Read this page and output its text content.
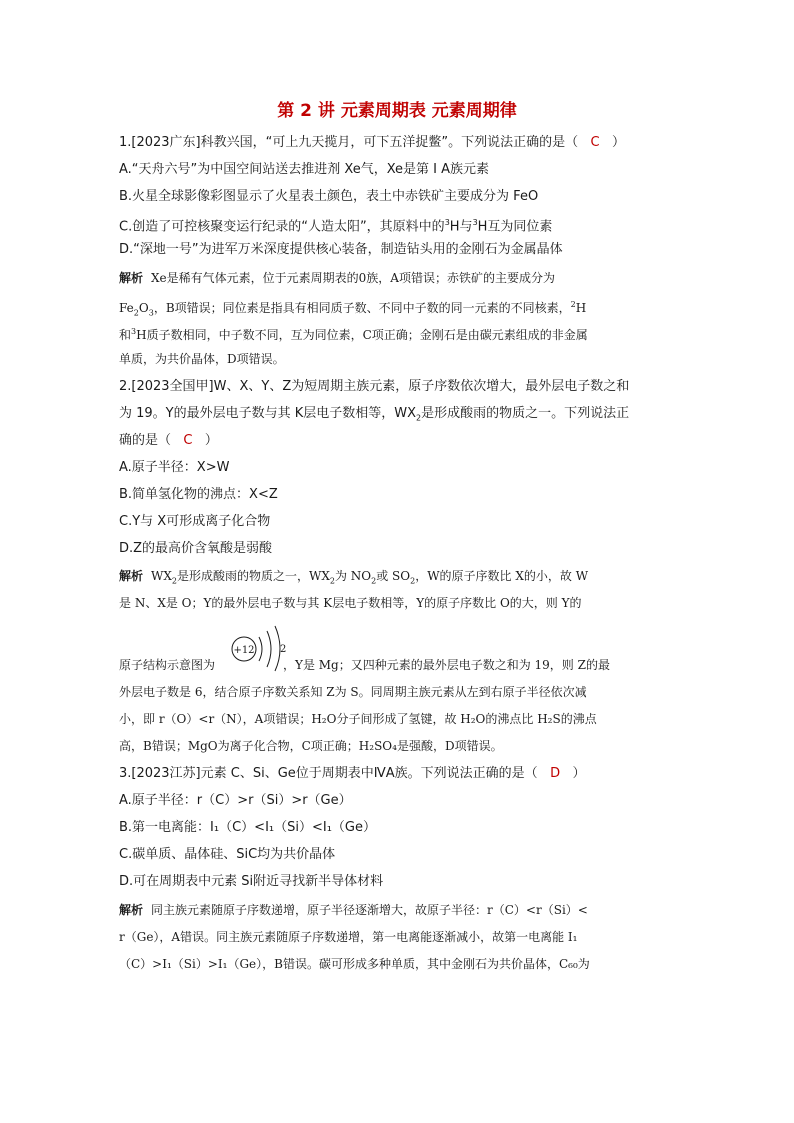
第 2 讲 元素周期表 元素周期律
1.[2023广东]科教兴国，“可上九天揽月，可下五洋捉鳖”。下列说法正确的是（ C ）
A.“天舟六号”为中国空间站送去推进剂 Xe气，Xe是第 I A族元素
B.火星全球影像彩图显示了火星表土颜色，表土中赤铁矿主要成分为 FeO
C.创造了可控核聚变运行纪录的“人造太阳”，其原料中的$^3$H与$^3$H互为同位素
D.“深地一号”为进军万米深度提供核心装备，制造钻头用的金刚石为金属晶体
解析 Xe是稀有气体元素，位于元素周期表的0族，A项错误；赤铁矿的主要成分为
$Fe_2O_3$，B项错误；同位素是指具有相同质子数、不同中子数的同一元素的不同核素，$^2$H
和$^3$H质子数相同，中子数不同，互为同位素，C项正确；金刚石是由碳元素组成的非金属
单质，为共价晶体，D项错误。
2.[2023全国甲]W、X、Y、Z为短周期主族元素，原子序数依次增大，最外层电子数之和
为 19。Y的最外层电子数与其 K层电子数相等，$WX_2$是形成酸雨的物质之一。下列说法正
确的是（ C ）
A.原子半径：X>W
B.简单氢化物的沸点：X<Z
C.Y与 X可形成离子化合物
D.Z的最高价含氧酸是弱酸
解析 $WX_2$是形成酸雨的物质之一，$WX_2$为 $NO_2$或 $SO_2$，W的原子序数比 X的小，故 W
是 N、X是 O；Y的最外层电子数与其 K层电子数相等，Y的原子序数比 O的大，则 Y的
+12	2
原子结构示意图为	，Y是 Mg；又四种元素的最外层电子数之和为 19，则 Z的最
外层电子数是 6，结合原子序数关系知 Z为 S。同周期主族元素从左到右原子半径依次减
小，即 r（O）<r（N），A项错误；H₂O分子间形成了氢键，故 H₂O的沸点比 H₂S的沸点
高，B错误；MgO为离子化合物，C项正确；H₂SO₄是强酸，D项错误。
3.[2023江苏]元素 C、Si、Ge位于周期表中ⅣA族。下列说法正确的是（ D ）
A.原子半径：r（C）>r（Si）>r（Ge）
B.第一电离能：I₁（C）<I₁（Si）<I₁（Ge）
C.碳单质、晶体硅、SiC均为共价晶体
D.可在周期表中元素 Si附近寻找新半导体材料
解析 同主族元素随原子序数递增，原子半径逐渐增大，故原子半径：r（C）<r（Si）<
r（Ge），A错误。同主族元素随原子序数递增，第一电离能逐渐减小，故第一电离能 I₁
（C）>I₁（Si）>I₁（Ge），B错误。碳可形成多种单质，其中金刚石为共价晶体，C₆₀为
